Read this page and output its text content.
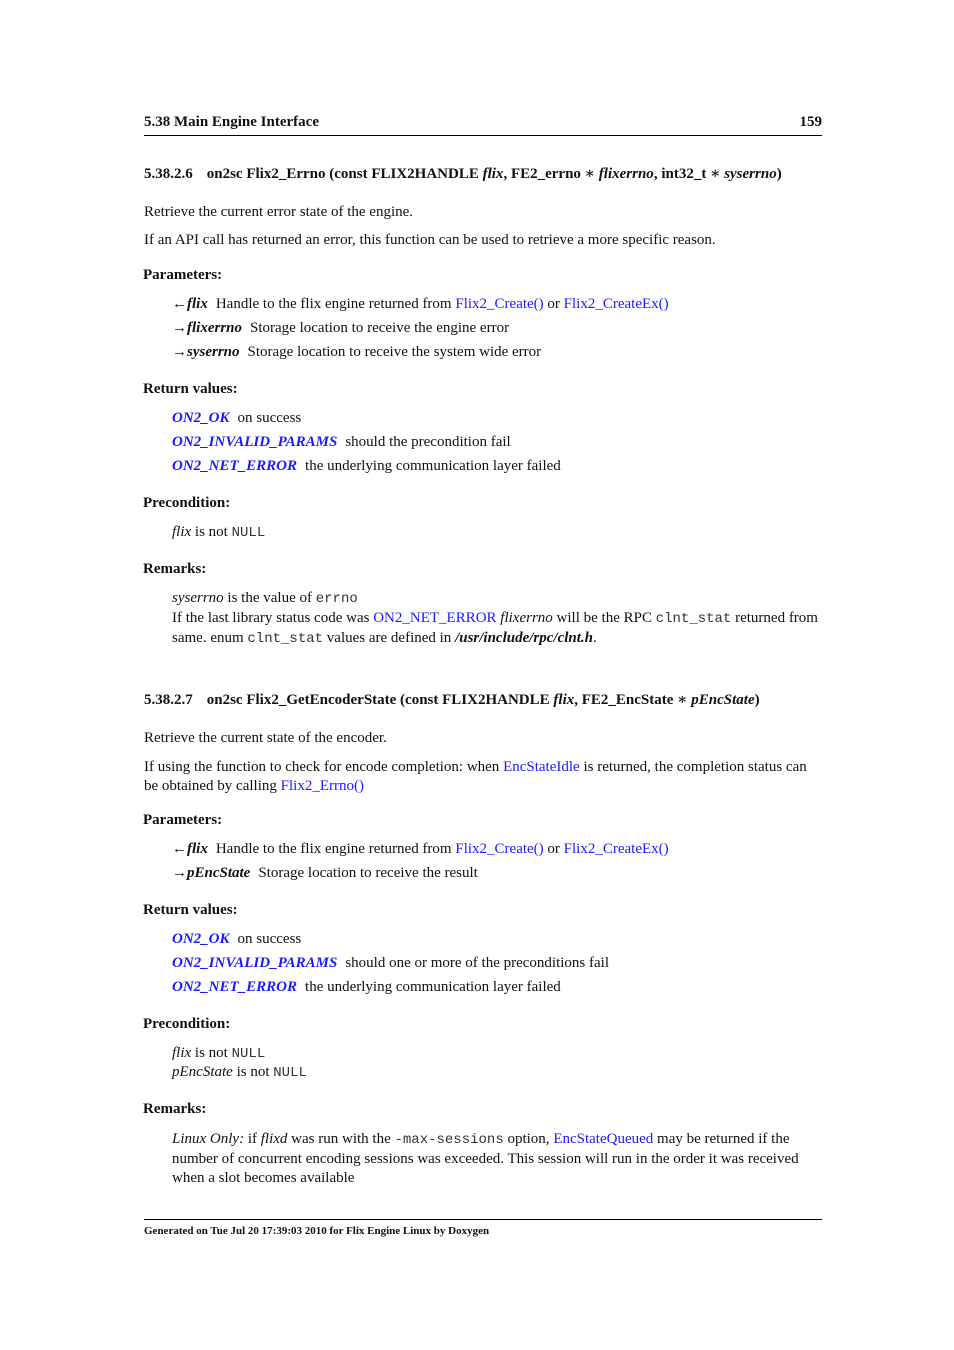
5.38 Main Engine Interface	159
5.38.2.6 on2sc Flix2_Errno (const FLIX2HANDLE flix, FE2_errno ∗ flixerrno, int32_t ∗ syserrno)
Retrieve the current error state of the engine.
If an API call has returned an error, this function can be used to retrieve a more specific reason.
Parameters:
←flix Handle to the flix engine returned from Flix2_Create() or Flix2_CreateEx()
→flixerrno Storage location to receive the engine error
→syserrno Storage location to receive the system wide error
Return values:
ON2_OK on success
ON2_INVALID_PARAMS should the precondition fail
ON2_NET_ERROR the underlying communication layer failed
Precondition:
flix is not NULL
Remarks:
syserrno is the value of errno
If the last library status code was ON2_NET_ERROR flixerrno will be the RPC clnt_stat returned from same. enum clnt_stat values are defined in /usr/include/rpc/clnt.h.
5.38.2.7 on2sc Flix2_GetEncoderState (const FLIX2HANDLE flix, FE2_EncState ∗ pEncState)
Retrieve the current state of the encoder.
If using the function to check for encode completion: when EncStateIdle is returned, the completion status can be obtained by calling Flix2_Errno()
Parameters:
←flix Handle to the flix engine returned from Flix2_Create() or Flix2_CreateEx()
→pEncState Storage location to receive the result
Return values:
ON2_OK on success
ON2_INVALID_PARAMS should one or more of the preconditions fail
ON2_NET_ERROR the underlying communication layer failed
Precondition:
flix is not NULL
pEncState is not NULL
Remarks:
Linux Only: if flixd was run with the -max-sessions option, EncStateQueued may be returned if the number of concurrent encoding sessions was exceeded. This session will run in the order it was received when a slot becomes available
Generated on Tue Jul 20 17:39:03 2010 for Flix Engine Linux by Doxygen
